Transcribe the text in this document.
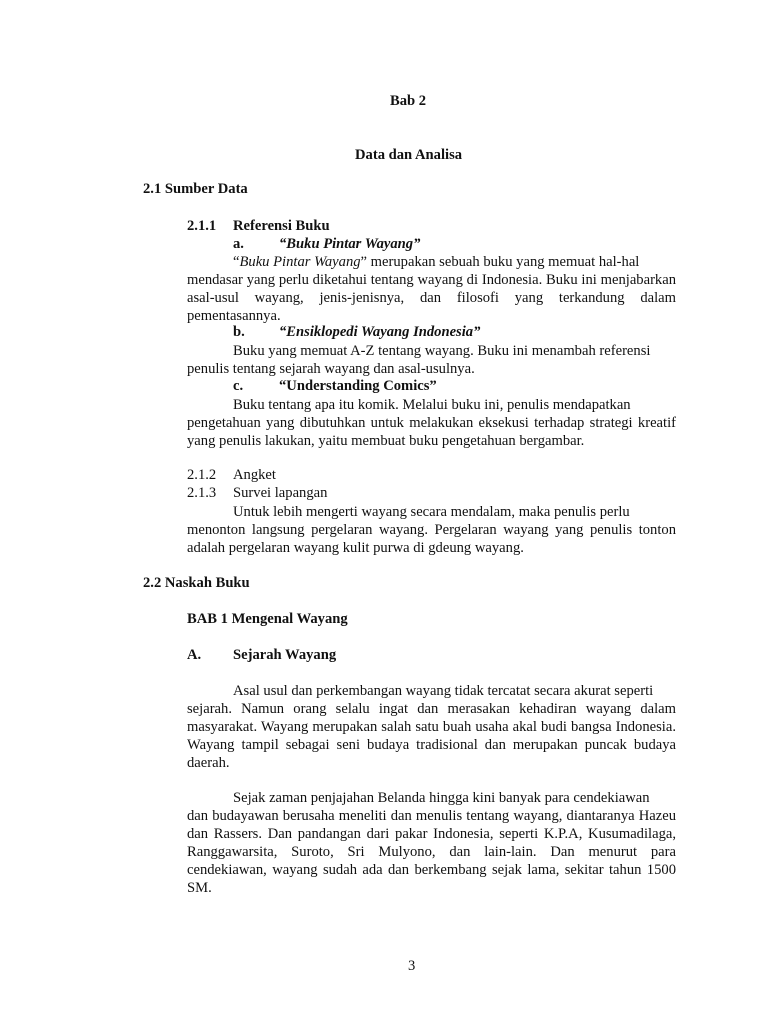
Bab 2
Data dan Analisa
2.1 Sumber Data
2.1.1 Referensi Buku
a. “Buku Pintar Wayang”
“Buku Pintar Wayang” merupakan sebuah buku yang memuat hal-hal
mendasar yang perlu diketahui tentang wayang di Indonesia. Buku ini menjabarkan asal-usul wayang, jenis-jenisnya, dan filosofi yang terkandung dalam pementasannya.
b. “Ensiklopedi Wayang Indonesia”
Buku yang memuat A-Z tentang wayang. Buku ini menambah referensi
penulis tentang sejarah wayang dan asal-usulnya.
c. “Understanding Comics”
Buku tentang apa itu komik. Melalui buku ini, penulis mendapatkan
pengetahuan yang dibutuhkan untuk melakukan eksekusi terhadap strategi kreatif yang penulis lakukan, yaitu membuat buku pengetahuan bergambar.
2.1.2 Angket
2.1.3 Survei lapangan
Untuk lebih mengerti wayang secara mendalam, maka penulis perlu
menonton langsung pergelaran wayang. Pergelaran wayang yang penulis tonton adalah pergelaran wayang kulit purwa di gdeung wayang.
2.2 Naskah Buku
BAB 1 Mengenal Wayang
A. Sejarah Wayang
Asal usul dan perkembangan wayang tidak tercatat secara akurat seperti
sejarah. Namun orang selalu ingat dan merasakan kehadiran wayang dalam masyarakat. Wayang merupakan salah satu buah usaha akal budi bangsa Indonesia. Wayang tampil sebagai seni budaya tradisional dan merupakan puncak budaya daerah.
Sejak zaman penjajahan Belanda hingga kini banyak para cendekiawan
dan budayawan berusaha meneliti dan menulis tentang wayang, diantaranya Hazeu dan Rassers. Dan pandangan dari pakar Indonesia, seperti K.P.A, Kusumadilaga, Ranggawarsita, Suroto, Sri Mulyono, dan lain-lain. Dan menurut para cendekiawan, wayang sudah ada dan berkembang sejak lama, sekitar tahun 1500 SM.
3
